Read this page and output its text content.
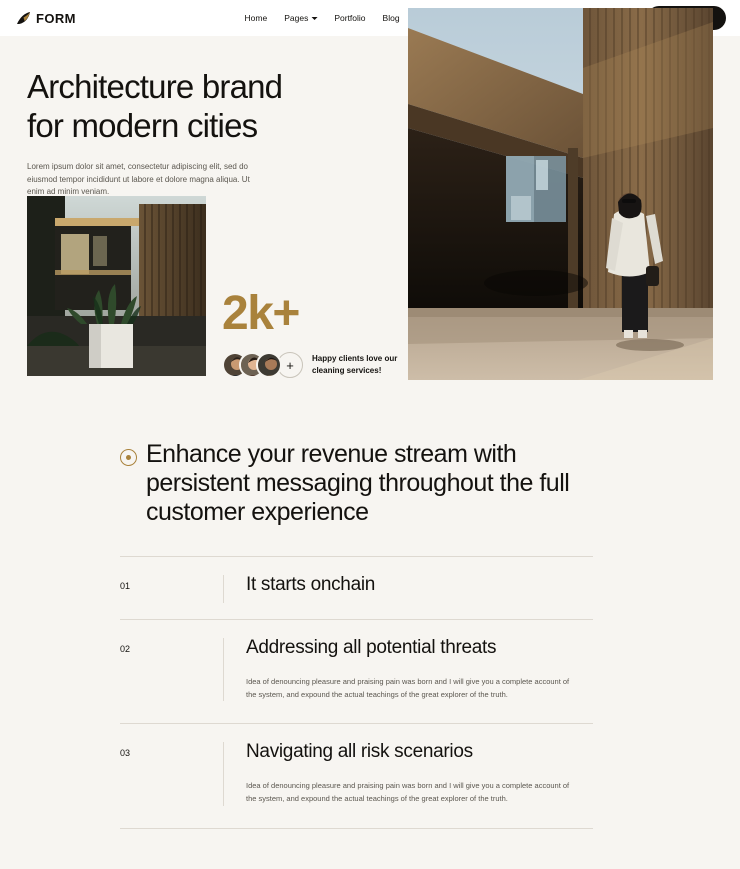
FORM	Home Pages	Portfolio Blog
Architecture brand
for modern cities

Lorem ipsum dolor sit amet, consectetur adipiscing elit, sed do eiusmod tempor incididunt ut labore et dolore magna aliqua. Ut enim ad minim veniam.

2k+
+	Happy clients love our cleaning services!
Enhance your revenue stream with persistent messaging throughout the full customer experience
01	It starts onchain
02	Addressing all potential threats
Idea of denouncing pleasure and praising pain was born and I will give you a complete account of the system, and expound the actual teachings of the great explorer of the truth.
03	Navigating all risk scenarios
Idea of denouncing pleasure and praising pain was born and I will give you a complete account of the system, and expound the actual teachings of the great explorer of the truth.
